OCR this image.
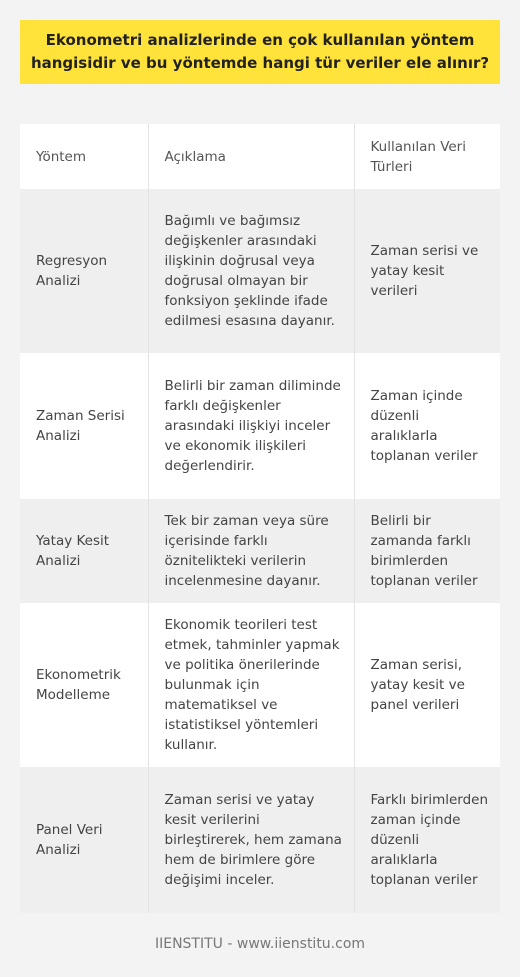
Ekonometri analizlerinde en çok kullanılan yöntem hangisidir ve bu yöntemde hangi tür veriler ele alınır?
Yöntem	Açıklama	Kullanılan Veri Türleri
Regresyon Analizi	Bağımlı ve bağımsız değişkenler arasındaki ilişkinin doğrusal veya doğrusal olmayan bir fonksiyon şeklinde ifade edilmesi esasına dayanır.	Zaman serisi ve yatay kesit verileri
Zaman Serisi Analizi	Belirli bir zaman diliminde farklı değişkenler arasındaki ilişkiyi inceler ve ekonomik ilişkileri değerlendirir.	Zaman içinde düzenli aralıklarla toplanan veriler
Yatay Kesit Analizi	Tek bir zaman veya süre içerisinde farklı öznitelikteki verilerin incelenmesine dayanır.	Belirli bir zamanda farklı birimlerden toplanan veriler
Ekonometrik Modelleme	Ekonomik teorileri test etmek, tahminler yapmak ve politika önerilerinde bulunmak için matematiksel ve istatistiksel yöntemleri kullanır.	Zaman serisi, yatay kesit ve panel verileri
Panel Veri Analizi	Zaman serisi ve yatay kesit verilerini birleştirerek, hem zamana hem de birimlere göre değişimi inceler.	Farklı birimlerden zaman içinde düzenli aralıklarla toplanan veriler
IIENSTITU - www.iienstitu.com
